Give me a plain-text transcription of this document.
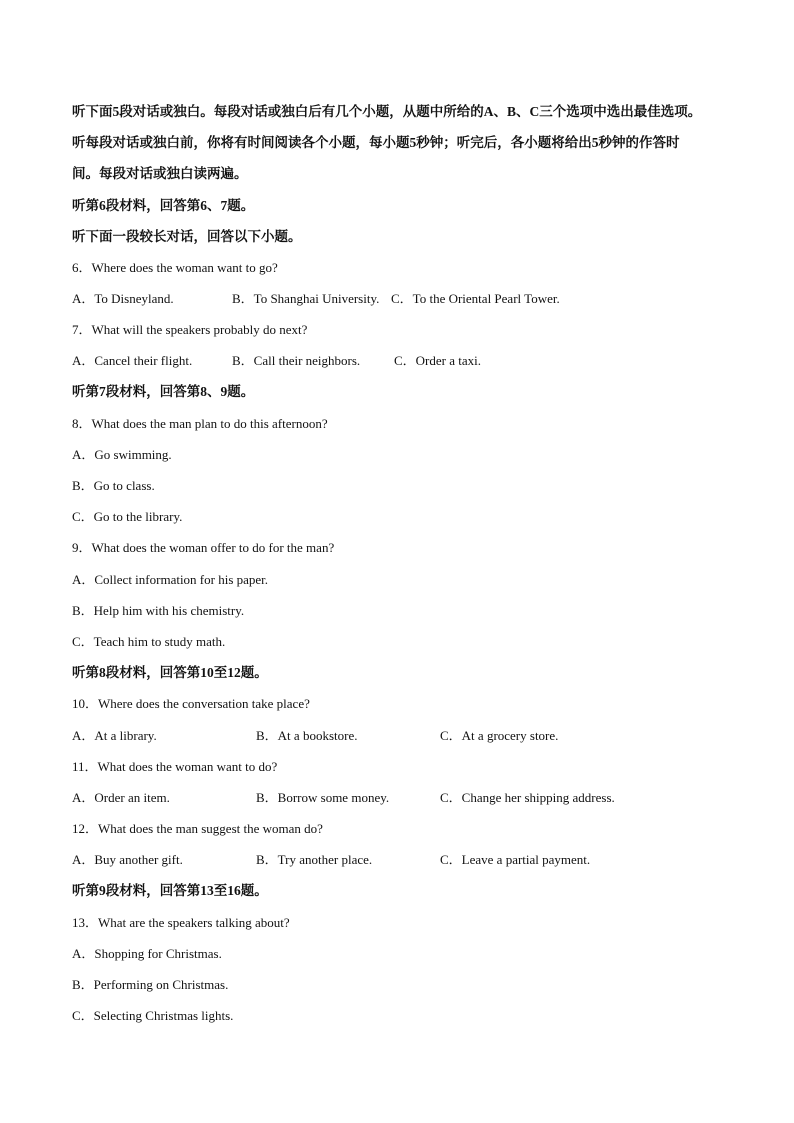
听下面5段对话或独白。每段对话或独白后有几个小题，从题中所给的A、B、C三个选项中选出最佳选项。
听每段对话或独白前，你将有时间阅读各个小题，每小题5秒钟；听完后，各小题将给出5秒钟的作答时
间。每段对话或独白读两遍。
听第6段材料，回答第6、7题。
听下面一段较长对话，回答以下小题。
6．Where does the woman want to go?
A．To Disneyland.	B．To Shanghai University. C．To the Oriental Pearl Tower.
7．What will the speakers probably do next?
A．Cancel their flight.	B．Call their neighbors.	C．Order a taxi.
听第7段材料，回答第8、9题。
8．What does the man plan to do this afternoon?
A．Go swimming.
B．Go to class.
C．Go to the library.
9．What does the woman offer to do for the man?
A．Collect information for his paper.
B．Help him with his chemistry.
C．Teach him to study math.
听第8段材料，回答第10至12题。
10．Where does the conversation take place?
A．At a library.	B．At a bookstore.	C．At a grocery store.
11．What does the woman want to do?
A．Order an item.	B．Borrow some money.	C．Change her shipping address.
12．What does the man suggest the woman do?
A．Buy another gift.	B．Try another place.	C．Leave a partial payment.
听第9段材料，回答第13至16题。
13．What are the speakers talking about?
A．Shopping for Christmas.
B．Performing on Christmas.
C．Selecting Christmas lights.
